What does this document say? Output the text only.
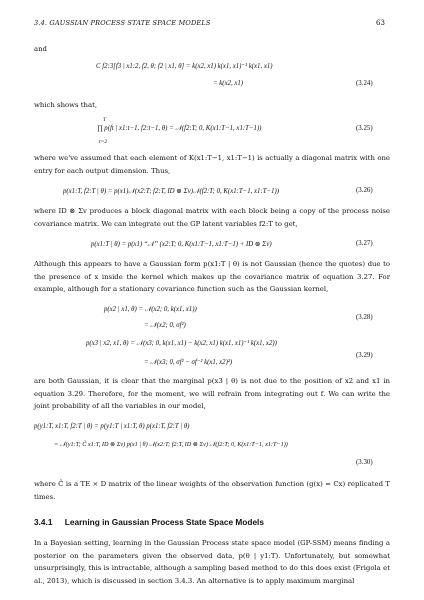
3.4. GAUSSIAN PROCESS STATE SPACE MODELS	63
and
C f2:3[f3 | x1:2, f2, θ; f2 | x1, θ] = k(x2, x1) k(x1, x1)⁻¹ k(x1, x1)
= k(x2, x1)	(3.24)
which shows that,
T
t=2
∏ p(ft | x1:t−1, f2:t−1, θ) = 𝒩(f2:T; 0, K(x1:T−1, x1:T−1))	(3.25)
where we've assumed that each element of K(x1:T−1, x1:T−1) is actually a diagonal matrix with one entry for each output dimension. Thus,
p(x1:T, f2:T | θ) = p(x1)𝒩(x2:T; f2:T, ID ⊗ Σv)𝒩(f2:T; 0, K(x1:T−1, x1:T−1))	(3.26)
where ID ⊗ Σv produces a block diagonal matrix with each block being a copy of the process noise covariance matrix. We can integrate out the GP latent variables f2:T to get,
p(x1:T | θ) = p(x1) “𝒩” (x2:T; 0, K(x1:T−1, x1:T−1) + ID ⊗ Σv)	(3.27)
Although this appears to have a Gaussian form p(x1:T | θ) is not Gaussian (hence the quotes) due to the presence of x inside the kernel which makes up the covariance matrix of equation 3.27. For example, although for a stationary covariance function such as the Gaussian kernel,
p(x2 | x1, θ) = 𝒩(x2; 0, k(x1, x1))
= 𝒩(x2; 0, σf²)
(3.28)
p(x3 | x2, x1, θ) = 𝒩(x3; 0, k(x1, x1) − k(x2, x1) k(x1, x1)⁻¹ k(x1, x2))
= 𝒩(x3; 0, σf² − σf⁻² k(x1, x2)²)
(3.29)
are both Gaussian, it is clear that the marginal p(x3 | θ) is not due to the position of x2 and x1 in equation 3.29. Therefore, for the moment, we will refrain from integrating out f. We can write the joint probability of all the variables in our model,
p(y1:T, x1:T, f2:T | θ) = p(y1:T | x1:T, θ) p(x1:T, f2:T | θ)
= 𝒩(y1:T; C̃ x1:T, ID ⊗ Σv) p(x1 | θ) 𝒩(x2:T; f2:T, ID ⊗ Σv) 𝒩(f2:T; 0, K(x1:T−1, x1:T−1))
(3.30)
where C̃ is a TE × D matrix of the linear weights of the observation function (g(x) = Cx) replicated T times.
3.4.1 Learning in Gaussian Process State Space Models
In a Bayesian setting, learning in the Gaussian Process state space model (GP-SSM) means finding a posterior on the parameters given the observed data, p(θ | y1:T). Unfortunately, but somewhat unsurprisingly, this is intractable, although a sampling based method to do this does exist (Frigola et al., 2013), which is discussed in section 3.4.3. An alternative is to apply maximum marginal
